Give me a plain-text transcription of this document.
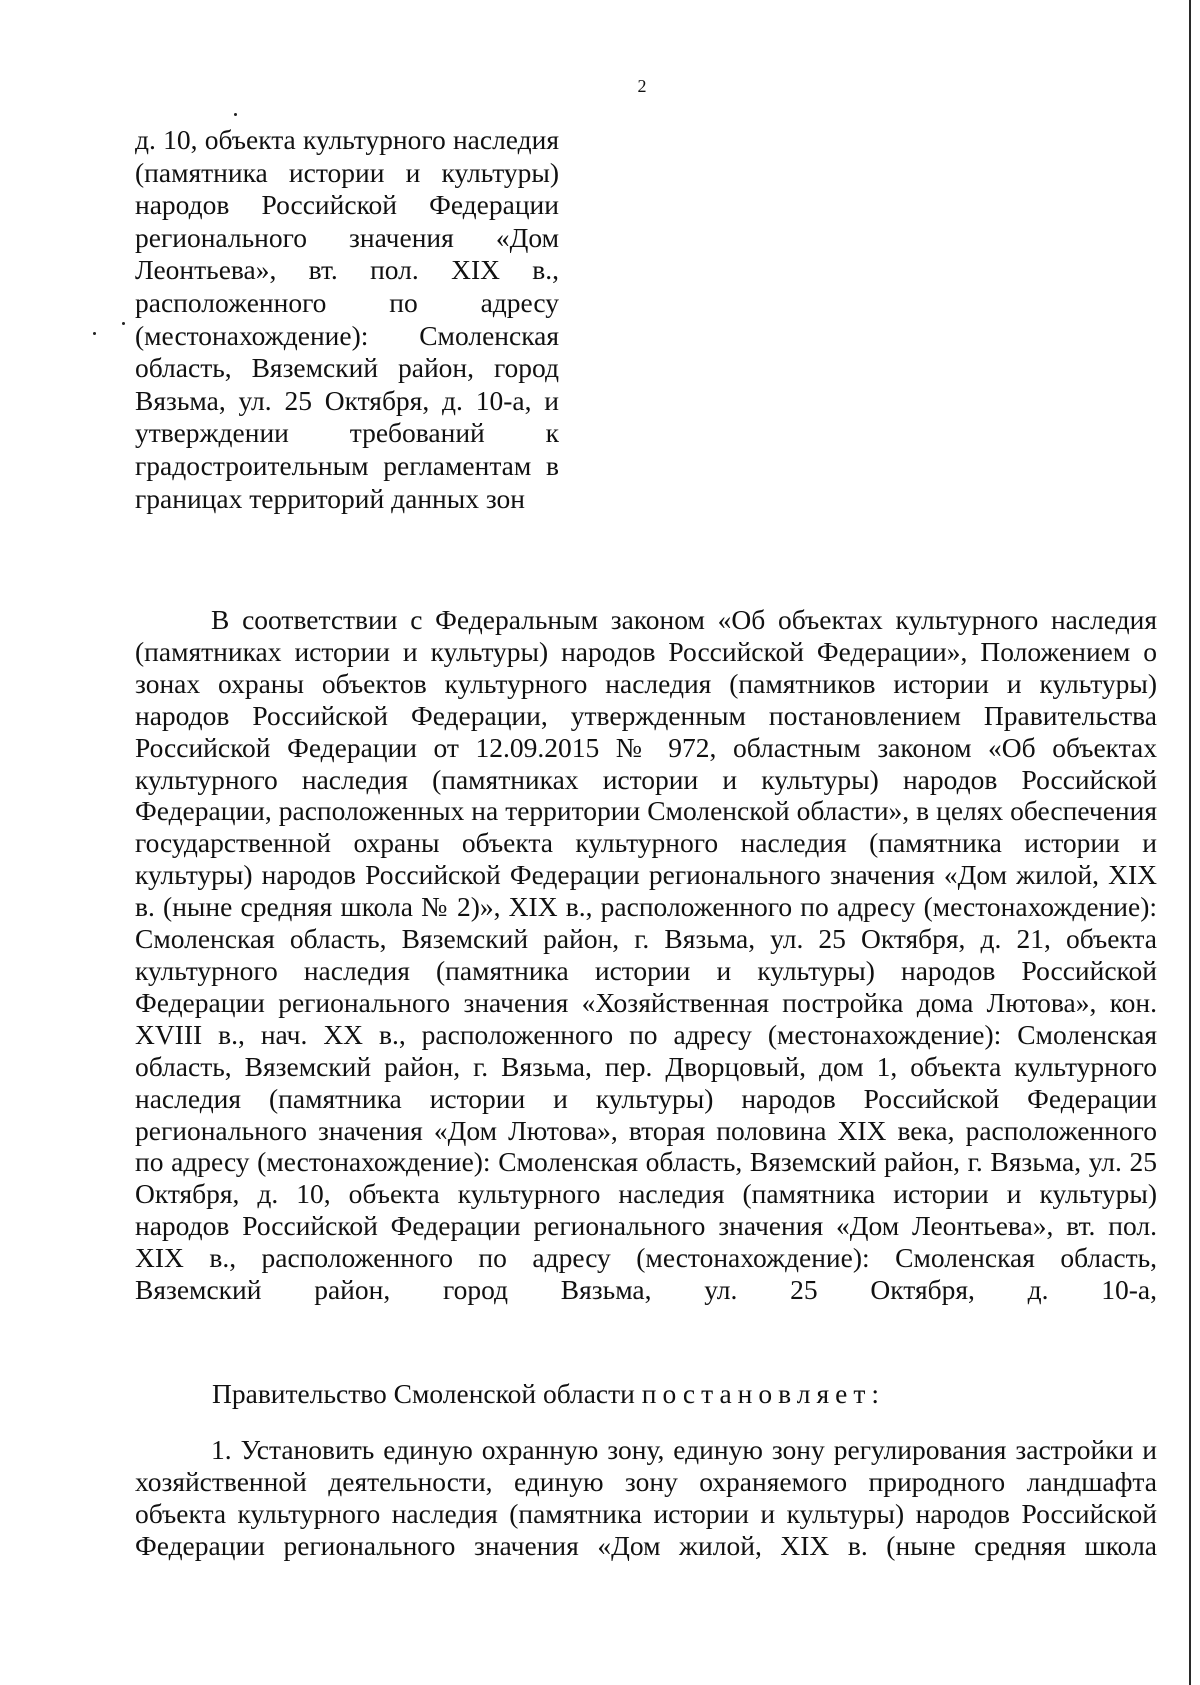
2
д. 10, объекта культурного наследия (памятника истории и культуры) народов Российской Федерации регионального значения «Дом Леонтьева», вт. пол. XIX в., расположенного по адресу (местонахождение): Смоленская область, Вяземский район, город Вязьма, ул. 25 Октября, д. 10-а, и утверждении требований к градостроительным регламентам в границах территорий данных зон
В соответствии с Федеральным законом «Об объектах культурного наследия (памятниках истории и культуры) народов Российской Федерации», Положением о зонах охраны объектов культурного наследия (памятников истории и культуры) народов Российской Федерации, утвержденным постановлением Правительства Российской Федерации от 12.09.2015 № 972, областным законом «Об объектах культурного наследия (памятниках истории и культуры) народов Российской Федерации, расположенных на территории Смоленской области», в целях обеспечения государственной охраны объекта культурного наследия (памятника истории и культуры) народов Российской Федерации регионального значения «Дом жилой, XIX в. (ныне средняя школа № 2)», XIX в., расположенного по адресу (местонахождение): Смоленская область, Вяземский район, г. Вязьма, ул. 25 Октября, д. 21, объекта культурного наследия (памятника истории и культуры) народов Российской Федерации регионального значения «Хозяйственная постройка дома Лютова», кон. XVIII в., нач. XX в., расположенного по адресу (местонахождение): Смоленская область, Вяземский район, г. Вязьма, пер. Дворцовый, дом 1, объекта культурного наследия (памятника истории и культуры) народов Российской Федерации регионального значения «Дом Лютова», вторая половина XIX века, расположенного по адресу (местонахождение): Смоленская область, Вяземский район, г. Вязьма, ул. 25 Октября, д. 10, объекта культурного наследия (памятника истории и культуры) народов Российской Федерации регионального значения «Дом Леонтьева», вт. пол. XIX в., расположенного по адресу (местонахождение): Смоленская область, Вяземский район, город Вязьма, ул. 25 Октября, д. 10-а,
Правительство Смоленской области постановляет:
1. Установить единую охранную зону, единую зону регулирования застройки и хозяйственной деятельности, единую зону охраняемого природного ландшафта объекта культурного наследия (памятника истории и культуры) народов Российской Федерации регионального значения «Дом жилой, XIX в. (ныне средняя школа
